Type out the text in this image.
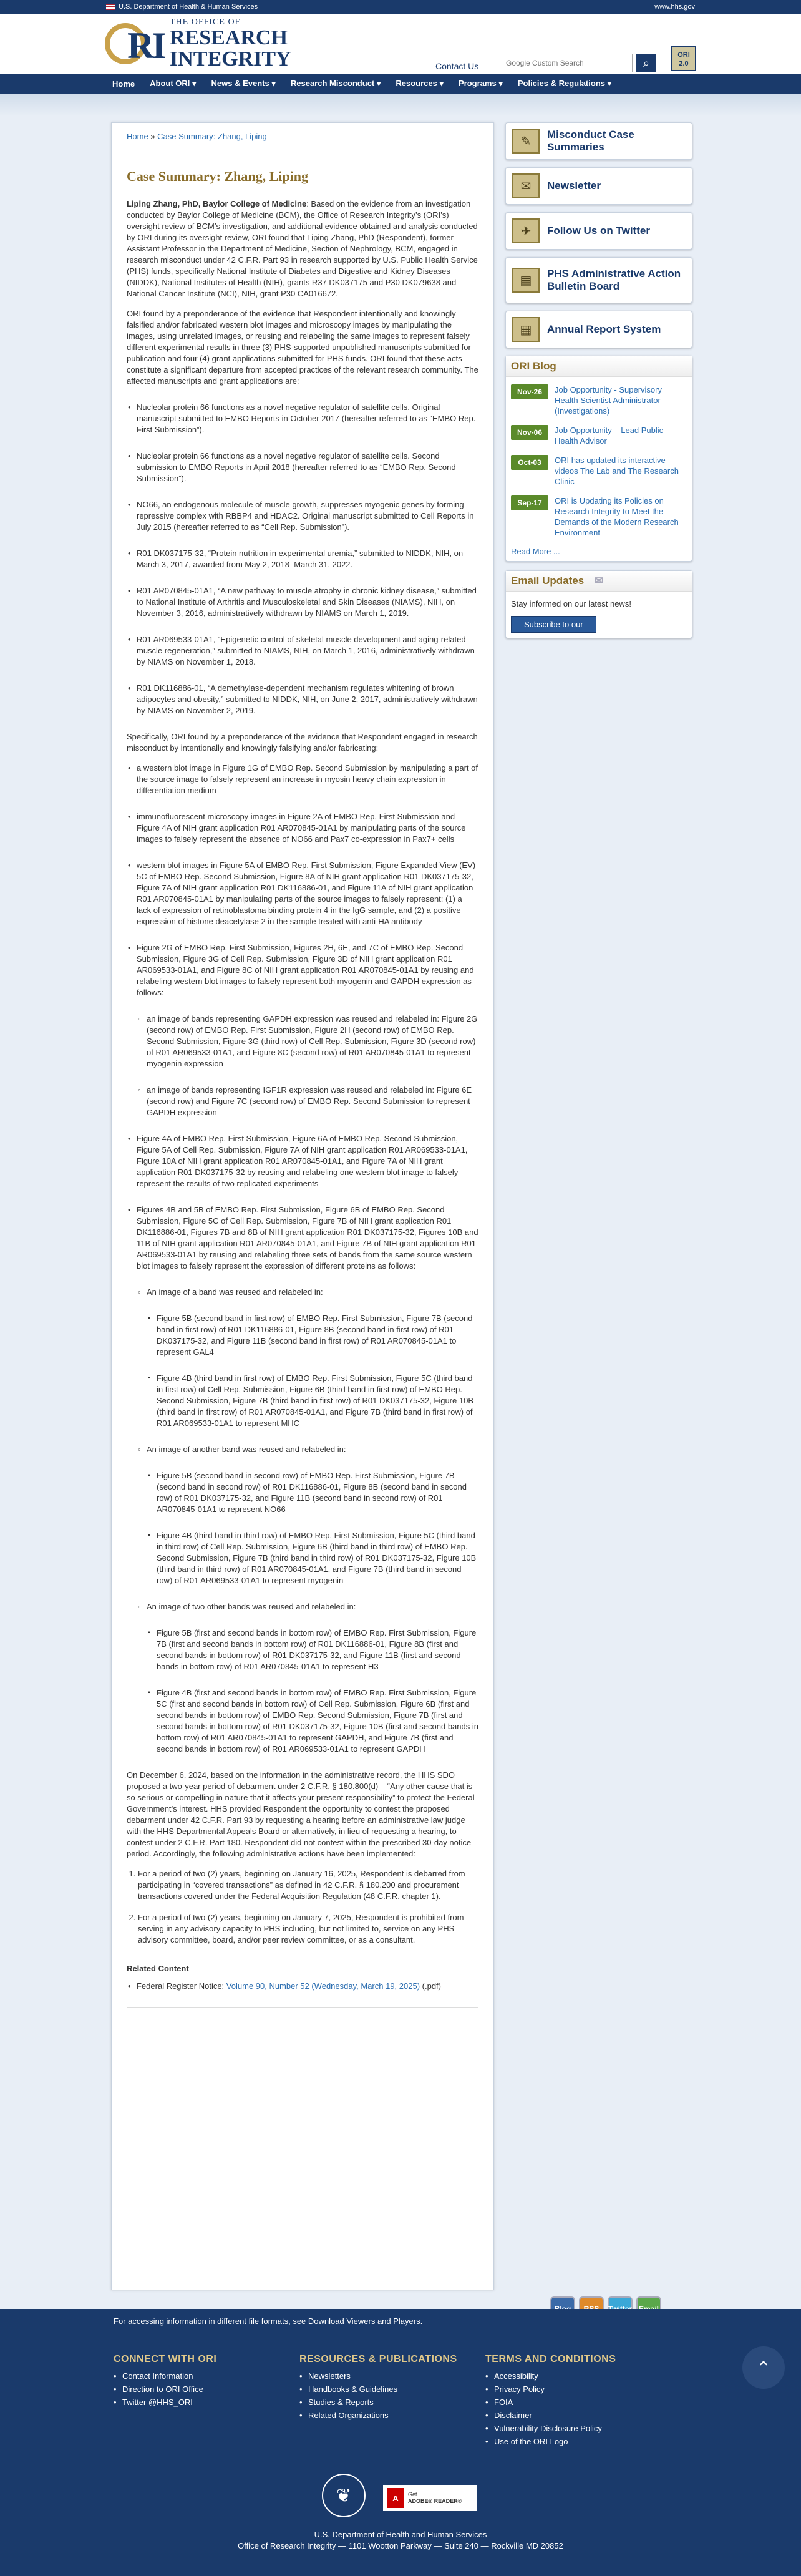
U.S. Department of Health & Human Services	www.hhs.gov
RI
THE OFFICE OF
RESEARCH
INTEGRITY	Contact Us
Google Custom Search	⌕
ORI
2.0
Home	About ORI ▾	News & Events ▾	Research Misconduct ▾	Resources ▾	Programs ▾	Policies & Regulations ▾
Home » Case Summary: Zhang, Liping
Case Summary: Zhang, Liping

Liping Zhang, PhD, Baylor College of Medicine: Based on the evidence from an investigation conducted by Baylor College of Medicine (BCM), the Office of Research Integrity’s (ORI’s) oversight review of BCM’s investigation, and additional evidence obtained and analysis conducted by ORI during its oversight review, ORI found that Liping Zhang, PhD (Respondent), former Assistant Professor in the Department of Medicine, Section of Nephrology, BCM, engaged in research misconduct under 42 C.F.R. Part 93 in research supported by U.S. Public Health Service (PHS) funds, specifically National Institute of Diabetes and Digestive and Kidney Diseases (NIDDK), National Institutes of Health (NIH), grants R37 DK037175 and P30 DK079638 and National Cancer Institute (NCI), NIH, grant P30 CA016672.

ORI found by a preponderance of the evidence that Respondent intentionally and knowingly falsified and/or fabricated western blot images and microscopy images by manipulating the images, using unrelated images, or reusing and relabeling the same images to represent falsely different experimental results in three (3) PHS-supported unpublished manuscripts submitted for publication and four (4) grant applications submitted for PHS funds. ORI found that these acts constitute a significant departure from accepted practices of the relevant research community. The affected manuscripts and grant applications are:

• Nucleolar protein 66 functions as a novel negative regulator of satellite cells. Original manuscript submitted to EMBO Reports in October 2017 (hereafter referred to as “EMBO Rep. First Submission”).
• Nucleolar protein 66 functions as a novel negative regulator of satellite cells. Second submission to EMBO Reports in April 2018 (hereafter referred to as “EMBO Rep. Second Submission”).
• NO66, an endogenous molecule of muscle growth, suppresses myogenic genes by forming repressive complex with RBBP4 and HDAC2. Original manuscript submitted to Cell Reports in July 2015 (hereafter referred to as “Cell Rep. Submission”).
• R01 DK037175-32, “Protein nutrition in experimental uremia,” submitted to NIDDK, NIH, on March 3, 2017, awarded from May 2, 2018–March 31, 2022.
• R01 AR070845-01A1, “A new pathway to muscle atrophy in chronic kidney disease,” submitted to National Institute of Arthritis and Musculoskeletal and Skin Diseases (NIAMS), NIH, on November 3, 2016, administratively withdrawn by NIAMS on March 1, 2019.
• R01 AR069533-01A1, “Epigenetic control of skeletal muscle development and aging-related muscle regeneration,” submitted to NIAMS, NIH, on March 1, 2016, administratively withdrawn by NIAMS on November 1, 2018.
• R01 DK116886-01, “A demethylase-dependent mechanism regulates whitening of brown adipocytes and obesity,” submitted to NIDDK, NIH, on June 2, 2017, administratively withdrawn by NIAMS on November 2, 2019.

Specifically, ORI found by a preponderance of the evidence that Respondent engaged in research misconduct by intentionally and knowingly falsifying and/or fabricating:

• a western blot image in Figure 1G of EMBO Rep. Second Submission by manipulating a part of the source image to falsely represent an increase in myosin heavy chain expression in differentiation medium
• immunofluorescent microscopy images in Figure 2A of EMBO Rep. First Submission and Figure 4A of NIH grant application R01 AR070845-01A1 by manipulating parts of the source images to falsely represent the absence of NO66 and Pax7 co-expression in Pax7+ cells
• western blot images in Figure 5A of EMBO Rep. First Submission, Figure Expanded View (EV) 5C of EMBO Rep. Second Submission, Figure 8A of NIH grant application R01 DK037175-32, Figure 7A of NIH grant application R01 DK116886-01, and Figure 11A of NIH grant application R01 AR070845-01A1 by manipulating parts of the source images to falsely represent: (1) a lack of expression of retinoblastoma binding protein 4 in the IgG sample, and (2) a positive expression of histone deacetylase 2 in the sample treated with anti-HA antibody
• Figure 2G of EMBO Rep. First Submission, Figures 2H, 6E, and 7C of EMBO Rep. Second Submission, Figure 3G of Cell Rep. Submission, Figure 3D of NIH grant application R01 AR069533-01A1, and Figure 8C of NIH grant application R01 AR070845-01A1 by reusing and relabeling western blot images to falsely represent both myogenin and GAPDH expression as follows:
◦ an image of bands representing GAPDH expression was reused and relabeled in: Figure 2G (second row) of EMBO Rep. First Submission, Figure 2H (second row) of EMBO Rep. Second Submission, Figure 3G (third row) of Cell Rep. Submission, Figure 3D (second row) of R01 AR069533-01A1, and Figure 8C (second row) of R01 AR070845-01A1 to represent myogenin expression
◦ an image of bands representing IGF1R expression was reused and relabeled in: Figure 6E (second row) and Figure 7C (second row) of EMBO Rep. Second Submission to represent GAPDH expression
• Figure 4A of EMBO Rep. First Submission, Figure 6A of EMBO Rep. Second Submission, Figure 5A of Cell Rep. Submission, Figure 7A of NIH grant application R01 AR069533-01A1, Figure 10A of NIH grant application R01 AR070845-01A1, and Figure 7A of NIH grant application R01 DK037175-32 by reusing and relabeling one western blot image to falsely represent the results of two replicated experiments
• Figures 4B and 5B of EMBO Rep. First Submission, Figure 6B of EMBO Rep. Second Submission, Figure 5C of Cell Rep. Submission, Figure 7B of NIH grant application R01 DK116886-01, Figures 7B and 8B of NIH grant application R01 DK037175-32, Figures 10B and 11B of NIH grant application R01 AR070845-01A1, and Figure 7B of NIH grant application R01 AR069533-01A1 by reusing and relabeling three sets of bands from the same source western blot images to falsely represent the expression of different proteins as follows:
◦ An image of a band was reused and relabeled in:
▪ Figure 5B (second band in first row) of EMBO Rep. First Submission, Figure 7B (second band in first row) of R01 DK116886-01, Figure 8B (second band in first row) of R01 DK037175-32, and Figure 11B (second band in first row) of R01 AR070845-01A1 to represent GAL4
▪ Figure 4B (third band in first row) of EMBO Rep. First Submission, Figure 5C (third band in first row) of Cell Rep. Submission, Figure 6B (third band in first row) of EMBO Rep. Second Submission, Figure 7B (third band in first row) of R01 DK037175-32, Figure 10B (third band in first row) of R01 AR070845-01A1, and Figure 7B (third band in first row) of R01 AR069533-01A1 to represent MHC
◦ An image of another band was reused and relabeled in:
▪ Figure 5B (second band in second row) of EMBO Rep. First Submission, Figure 7B (second band in second row) of R01 DK116886-01, Figure 8B (second band in second row) of R01 DK037175-32, and Figure 11B (second band in second row) of R01 AR070845-01A1 to represent NO66
▪ Figure 4B (third band in third row) of EMBO Rep. First Submission, Figure 5C (third band in third row) of Cell Rep. Submission, Figure 6B (third band in third row) of EMBO Rep. Second Submission, Figure 7B (third band in third row) of R01 DK037175-32, Figure 10B (third band in third row) of R01 AR070845-01A1, and Figure 7B (third band in second row) of R01 AR069533-01A1 to represent myogenin
◦ An image of two other bands was reused and relabeled in:
▪ Figure 5B (first and second bands in bottom row) of EMBO Rep. First Submission, Figure 7B (first and second bands in bottom row) of R01 DK116886-01, Figure 8B (first and second bands in bottom row) of R01 DK037175-32, and Figure 11B (first and second bands in bottom row) of R01 AR070845-01A1 to represent H3
▪ Figure 4B (first and second bands in bottom row) of EMBO Rep. First Submission, Figure 5C (first and second bands in bottom row) of Cell Rep. Submission, Figure 6B (first and second bands in bottom row) of EMBO Rep. Second Submission, Figure 7B (first and second bands in bottom row) of R01 DK037175-32, Figure 10B (first and second bands in bottom row) of R01 AR070845-01A1 to represent GAPDH, and Figure 7B (first and second bands in bottom row) of R01 AR069533-01A1 to represent GAPDH

On December 6, 2024, based on the information in the administrative record, the HHS SDO proposed a two-year period of debarment under 2 C.F.R. § 180.800(d) – “Any other cause that is so serious or compelling in nature that it affects your present responsibility” to protect the Federal Government’s interest. HHS provided Respondent the opportunity to contest the proposed debarment under 42 C.F.R. Part 93 by requesting a hearing before an administrative law judge with the HHS Departmental Appeals Board or alternatively, in lieu of requesting a hearing, to contest under 2 C.F.R. Part 180. Respondent did not contest within the prescribed 30-day notice period. Accordingly, the following administrative actions have been implemented:

1. For a period of two (2) years, beginning on January 16, 2025, Respondent is debarred from participating in “covered transactions” as defined in 42 C.F.R. § 180.200 and procurement transactions covered under the Federal Acquisition Regulation (48 C.F.R. chapter 1).
2. For a period of two (2) years, beginning on January 7, 2025, Respondent is prohibited from serving in any advisory capacity to PHS including, but not limited to, service on any PHS advisory committee, board, and/or peer review committee, or as a consultant.
Related Content
• Federal Register Notice: Volume 90, Number 52 (Wednesday, March 19, 2025) (.pdf)
✎	Misconduct Case Summaries
✉	Newsletter
✈	Follow Us on Twitter
▤	PHS Administrative Action Bulletin Board
▦	Annual Report System
ORI Blog
Nov-26	Job Opportunity - Supervisory Health Scientist Administrator (Investigations)
Nov-06	Job Opportunity – Lead Public Health Advisor
Oct-03	ORI has updated its interactive videos The Lab and The Research Clinic
Sep-17	ORI is Updating its Policies on Research Integrity to Meet the Demands of the Modern Research Environment
Read More ...
Email Updates ✉

Stay informed on our latest news!

Subscribe to our
For accessing information in different file formats, see Download Viewers and Players.
CONNECT WITH ORI
• Contact Information
• Direction to ORI Office
• Twitter @HHS_ORI
RESOURCES & PUBLICATIONS
• Newsletters
• Handbooks & Guidelines
• Studies & Reports
• Related Organizations
TERMS AND CONDITIONS
• Accessibility
• Privacy Policy
• FOIA
• Disclaimer
• Vulnerability Disclosure Policy
• Use of the ORI Logo
⌃
❦	A	Get
ADOBE® READER®
U.S. Department of Health and Human Services
Office of Research Integrity — 1101 Wootton Parkway — Suite 240 — Rockville MD 20852
